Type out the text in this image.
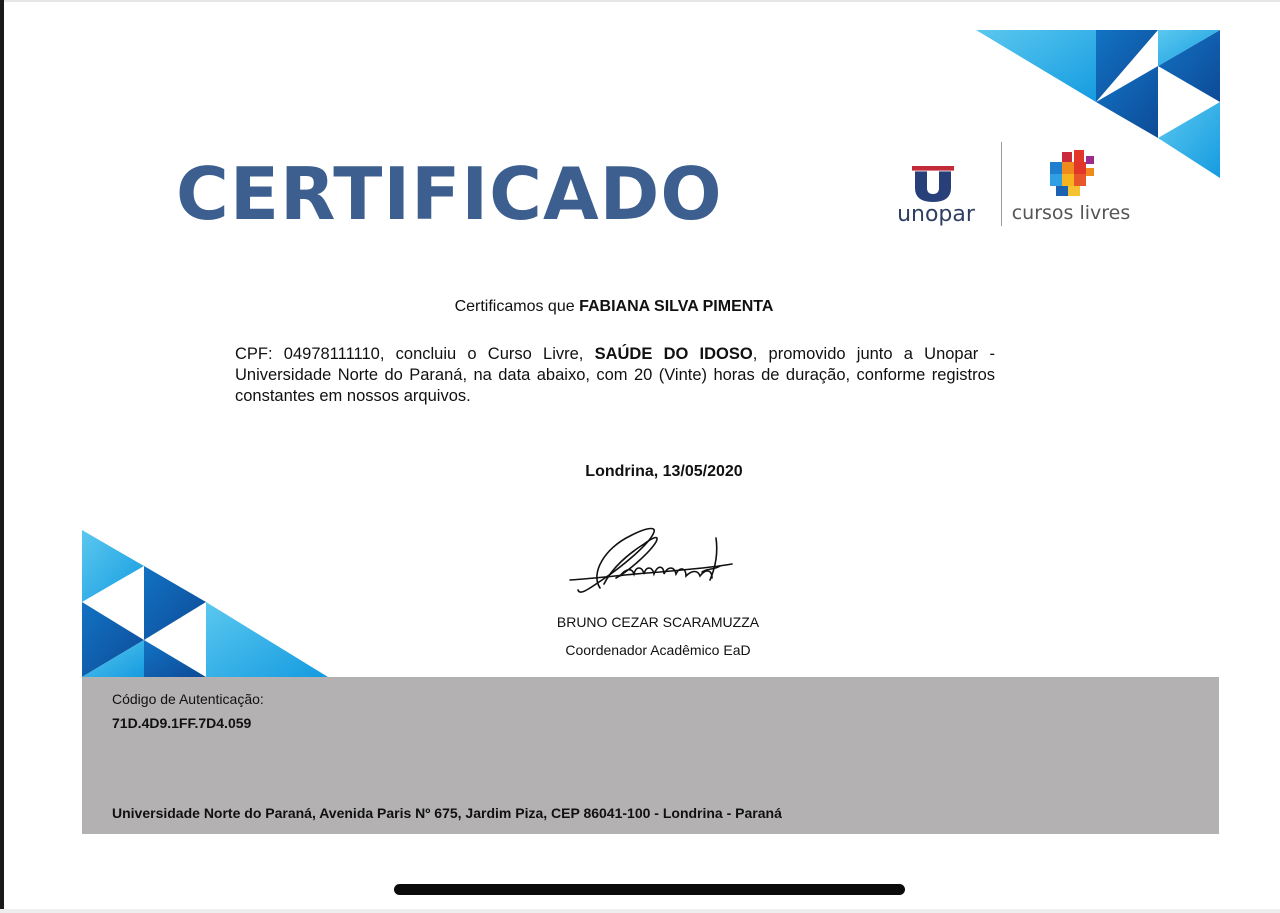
CERTIFICADO	unopar cursos livres
Certificamos que FABIANA SILVA PIMENTA
CPF: 04978111110, concluiu o Curso Livre, SAÚDE DO IDOSO, promovido junto a Unopar - Universidade Norte do Paraná, na data abaixo, com 20 (Vinte) horas de duração, conforme registros constantes em nossos arquivos.
Londrina, 13/05/2020
BRUNO CEZAR SCARAMUZZA
Coordenador Acadêmico EaD
Código de Autenticação:
71D.4D9.1FF.7D4.059
Universidade Norte do Paraná, Avenida Paris Nº 675, Jardim Piza, CEP 86041-100 - Londrina - Paraná
